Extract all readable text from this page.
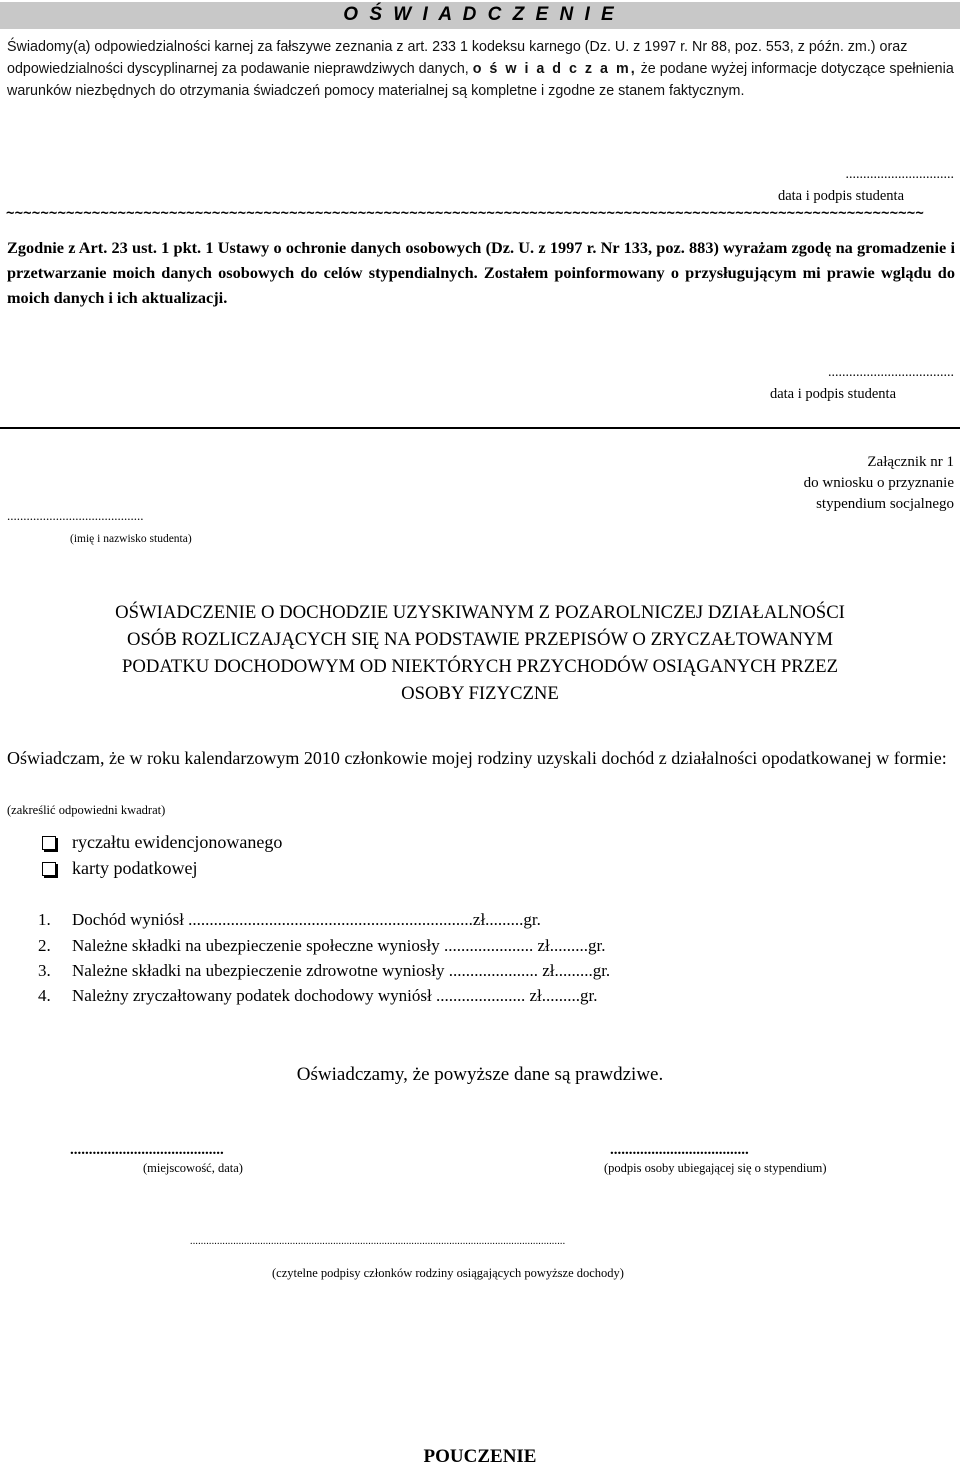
O Ś W I A D C Z E N I E
Świadomy(a) odpowiedzialności karnej za fałszywe zeznania z art. 233 1 kodeksu karnego (Dz. U. z 1997 r. Nr 88, poz. 553, z późn. zm.) oraz odpowiedzialności dyscyplinarnej za podawanie nieprawdziwych danych, o ś w i a d c z a m, że podane wyżej informacje dotyczące spełnienia warunków niezbędnych do otrzymania świadczeń pomocy materialnej są kompletne i zgodne ze stanem faktycznym.
...............................
data i podpis studenta
~~~~~~~~~~~~~~~~~~~~~~~~~~~~~~~~~~~~~~~~~~~~~~~~~~~~~~~~~~~~~~~~~~~~~~~~~~~~~~~~~~~~~~~~~~~~~~~~~~~~~~~~~~~
Zgodnie z Art. 23 ust. 1 pkt. 1 Ustawy o ochronie danych osobowych (Dz. U. z 1997 r. Nr 133, poz. 883) wyrażam zgodę na gromadzenie i przetwarzanie moich danych osobowych do celów stypendialnych. Zostałem poinformowany o przysługującym mi prawie wglądu do moich danych i ich aktualizacji.
....................................
data i podpis studenta
Załącznik nr 1
do wniosku o przyznanie
stypendium socjalnego
..........................................
(imię i nazwisko studenta)
OŚWIADCZENIE O DOCHODZIE UZYSKIWANYM Z POZAROLNICZEJ DZIAŁALNOŚCI
OSÓB ROZLICZAJĄCYCH SIĘ NA PODSTAWIE PRZEPISÓW O ZRYCZAŁTOWANYM
PODATKU DOCHODOWYM OD NIEKTÓRYCH PRZYCHODÓW OSIĄGANYCH PRZEZ
OSOBY FIZYCZNE
Oświadczam, że w roku kalendarzowym 2010 członkowie mojej rodziny uzyskali dochód z działalności opodatkowanej w formie:
(zakreślić odpowiedni kwadrat)
ryczałtu ewidencjonowanego
karty podatkowej
1. Dochód wyniósł ...................................................................zł.........gr.
2. Należne składki na ubezpieczenie społeczne wyniosły ..................... zł.........gr.
3. Należne składki na ubezpieczenie zdrowotne wyniosły ..................... zł.........gr.
4. Należny zryczałtowany podatek dochodowy wyniósł ..................... zł.........gr.
Oświadczamy, że powyższe dane są prawdziwe.
.........................................
(miejscowość, data)
.....................................
(podpis osoby ubiegającej się o stypendium)
...........................................................................................................................................
(czytelne podpisy członków rodziny osiągających powyższe dochody)
POUCZENIE
